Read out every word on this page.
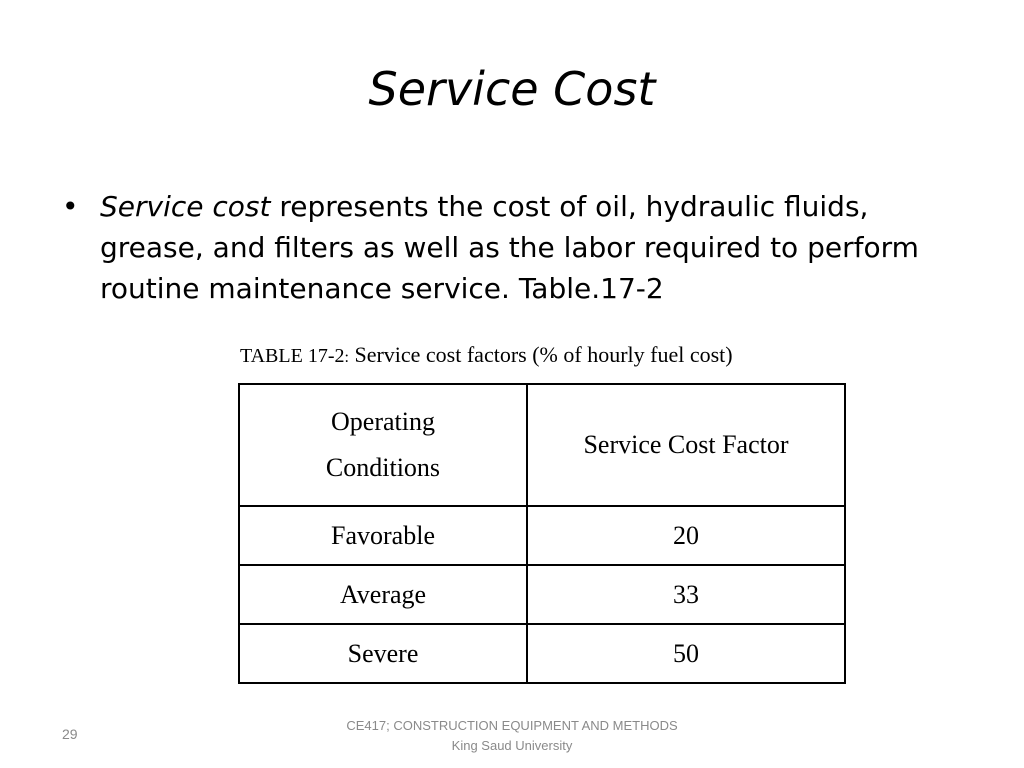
Service Cost
• Service cost represents the cost of oil, hydraulic fluids, grease, and filters as well as the labor required to perform routine maintenance service. Table.17-2
TABLE 17-2: Service cost factors (% of hourly fuel cost)
Operating
Conditions	Service Cost Factor
Favorable	20
Average	33
Severe	50
29
CE417; CONSTRUCTION EQUIPMENT AND METHODS
King Saud University
